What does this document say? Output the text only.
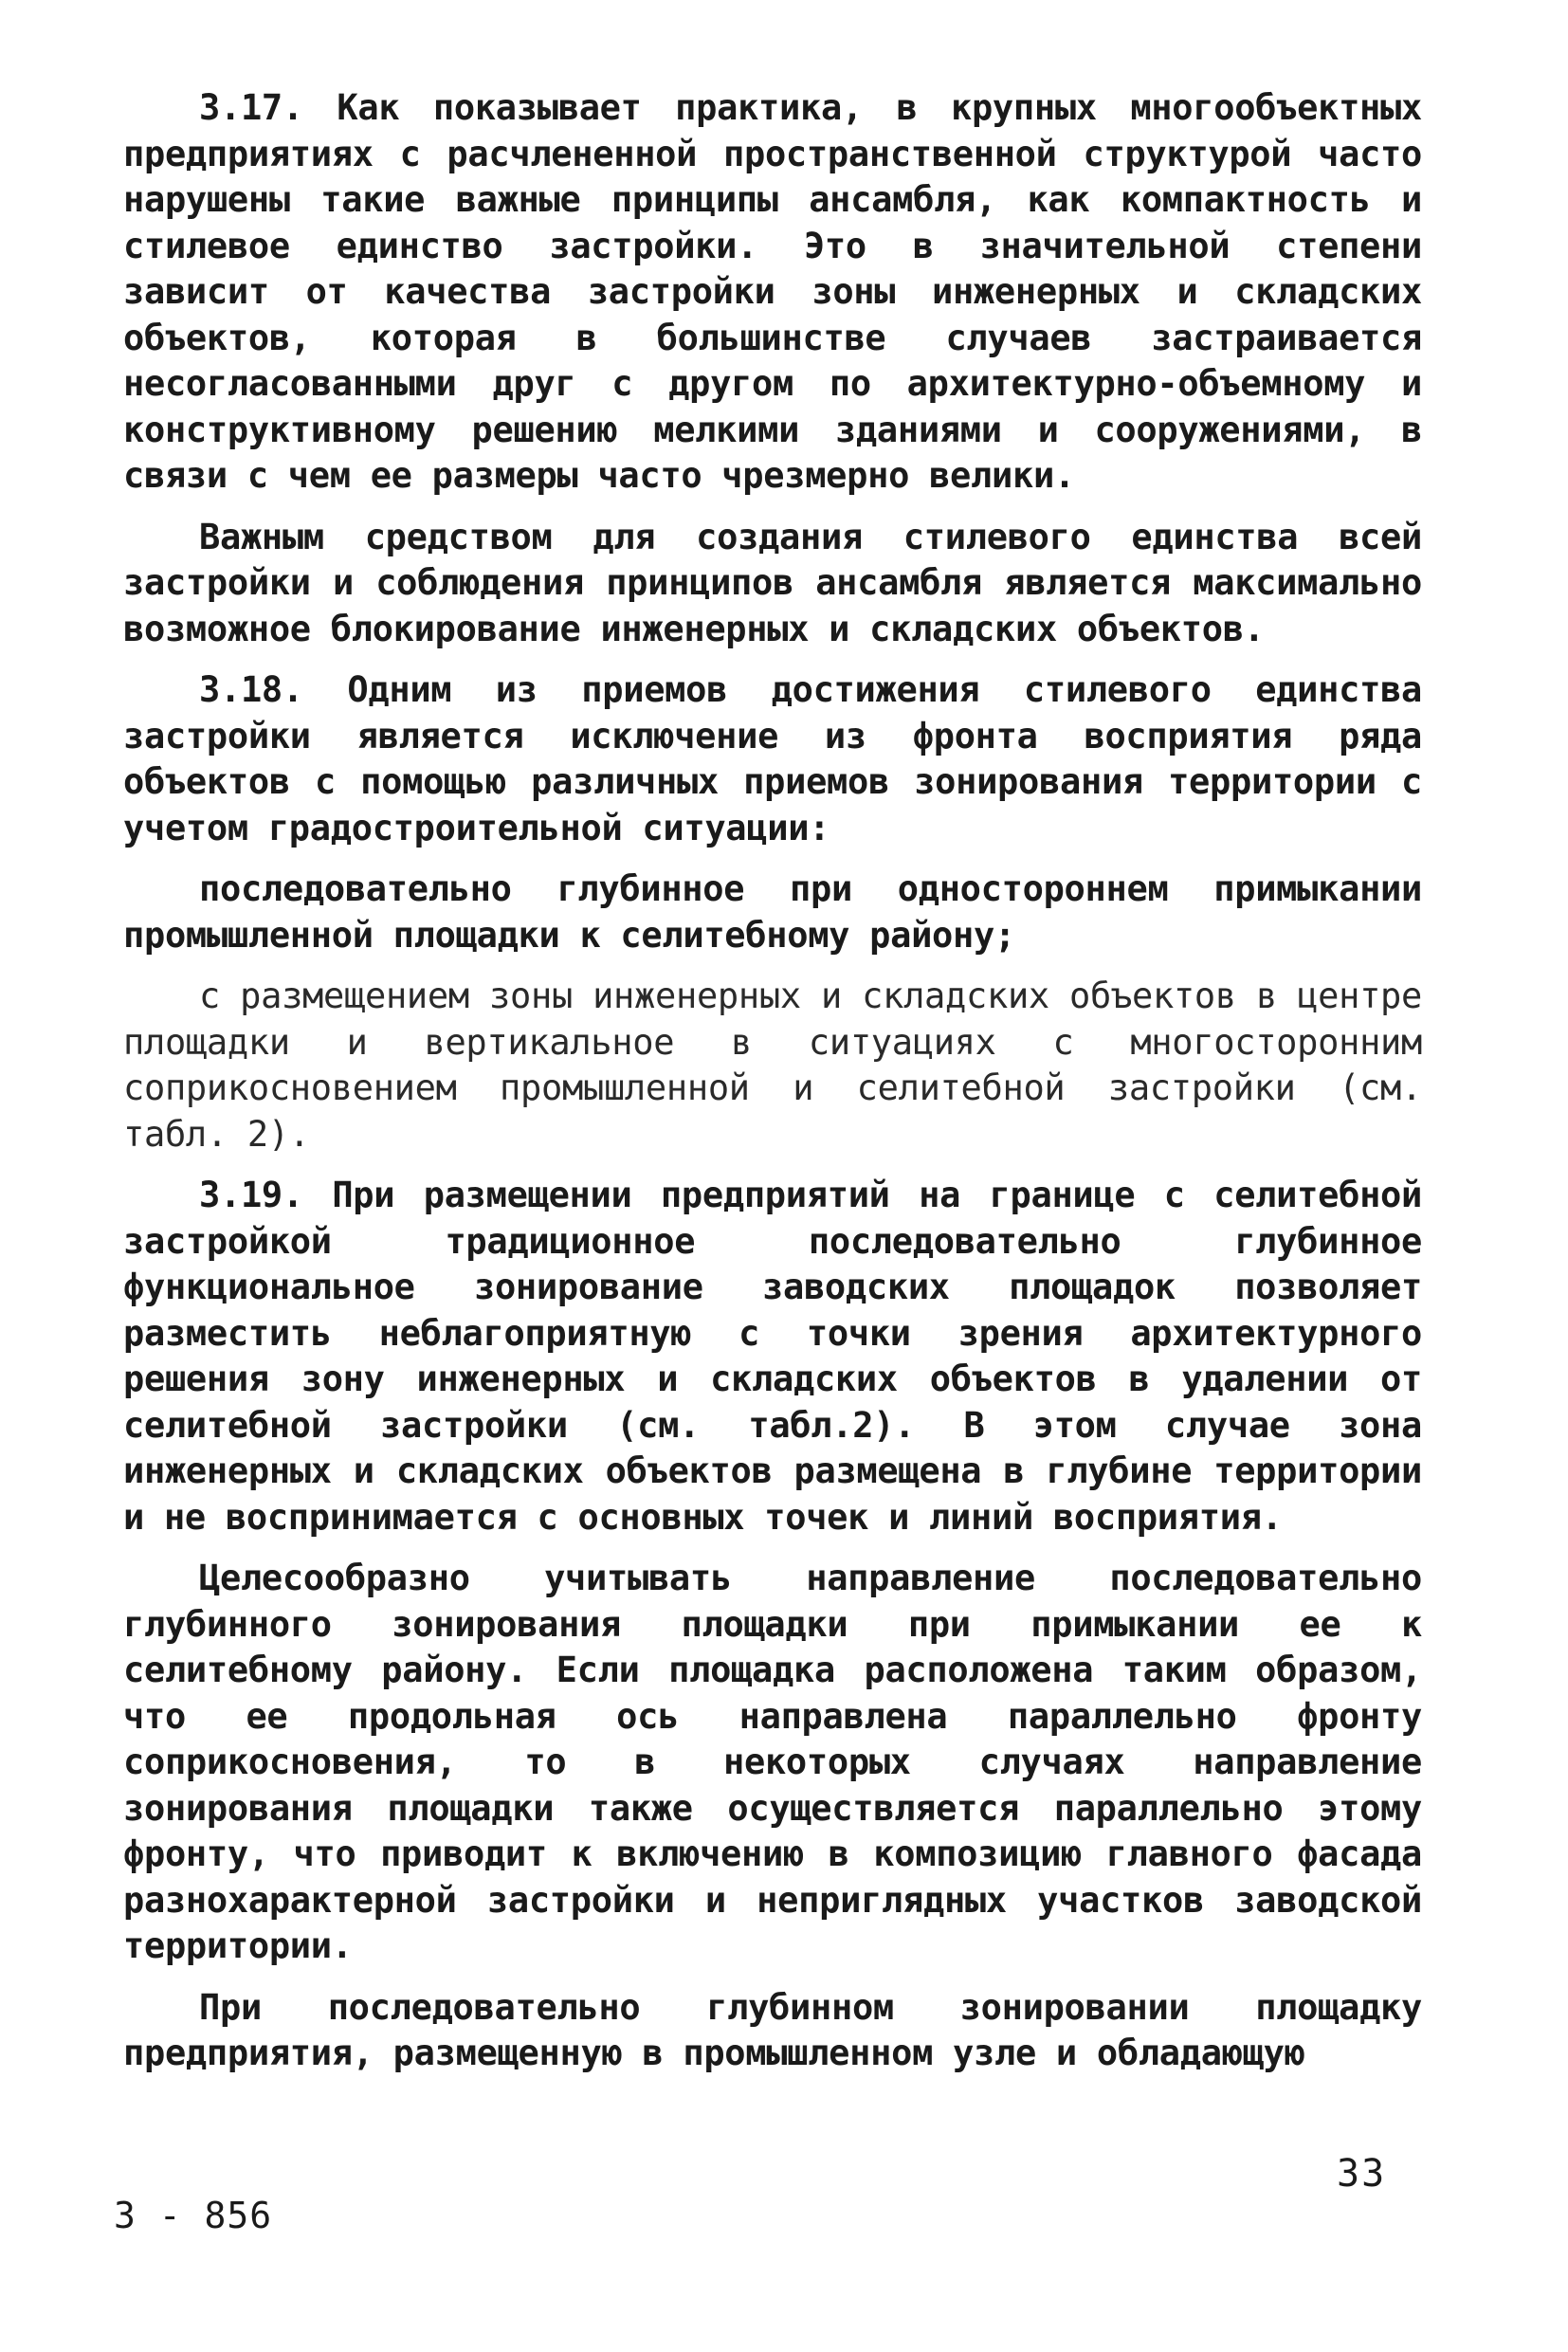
3.17. Как показывает практика, в крупных многообъектных предприятиях с расчлененной пространственной структурой часто нарушены такие важные принципы ансамбля, как компактность и стилевое единство застройки. Это в значительной степени зависит от качества застройки зоны инженерных и складских объектов, которая в большинстве случаев застраивается несогласованными друг с другом по архитектурно-объемному и конструктивному решению мелкими зданиями и сооружениями, в связи с чем ее размеры часто чрезмерно велики.

Важным средством для создания стилевого единства всей застройки и соблюдения принципов ансамбля является максимально возможное блокирование инженерных и складских объектов.

3.18. Одним из приемов достижения стилевого единства застройки является исключение из фронта восприятия ряда объектов с помощью различных приемов зонирования территории с учетом градостроительной ситуации:

последовательно глубинное при одностороннем примыкании промышленной площадки к селитебному району;

с размещением зоны инженерных и складских объектов в центре площадки и вертикальное в ситуациях с многосторонним соприкосновением промышленной и селитебной застройки (см. табл. 2).

3.19. При размещении предприятий на границе с селитебной застройкой традиционное последовательно глубинное функциональное зонирование заводских площадок позволяет разместить неблагоприятную с точки зрения архитектурного решения зону инженерных и складских объектов в удалении от селитебной застройки (см. табл.2). В этом случае зона инженерных и складских объектов размещена в глубине территории и не воспринимается с основных точек и линий восприятия.

Целесообразно учитывать направление последовательно глубинного зонирования площадки при примыкании ее к селитебному району. Если площадка расположена таким образом, что ее продольная ось направлена параллельно фронту соприкосновения, то в некоторых случаях направление зонирования площадки также осуществляется параллельно этому фронту, что приводит к включению в композицию главного фасада разнохарактерной застройки и неприглядных участков заводской территории.

При последовательно глубинном зонировании площадку предприятия, размещенную в промышленном узле и обладающую

33
3 - 856
